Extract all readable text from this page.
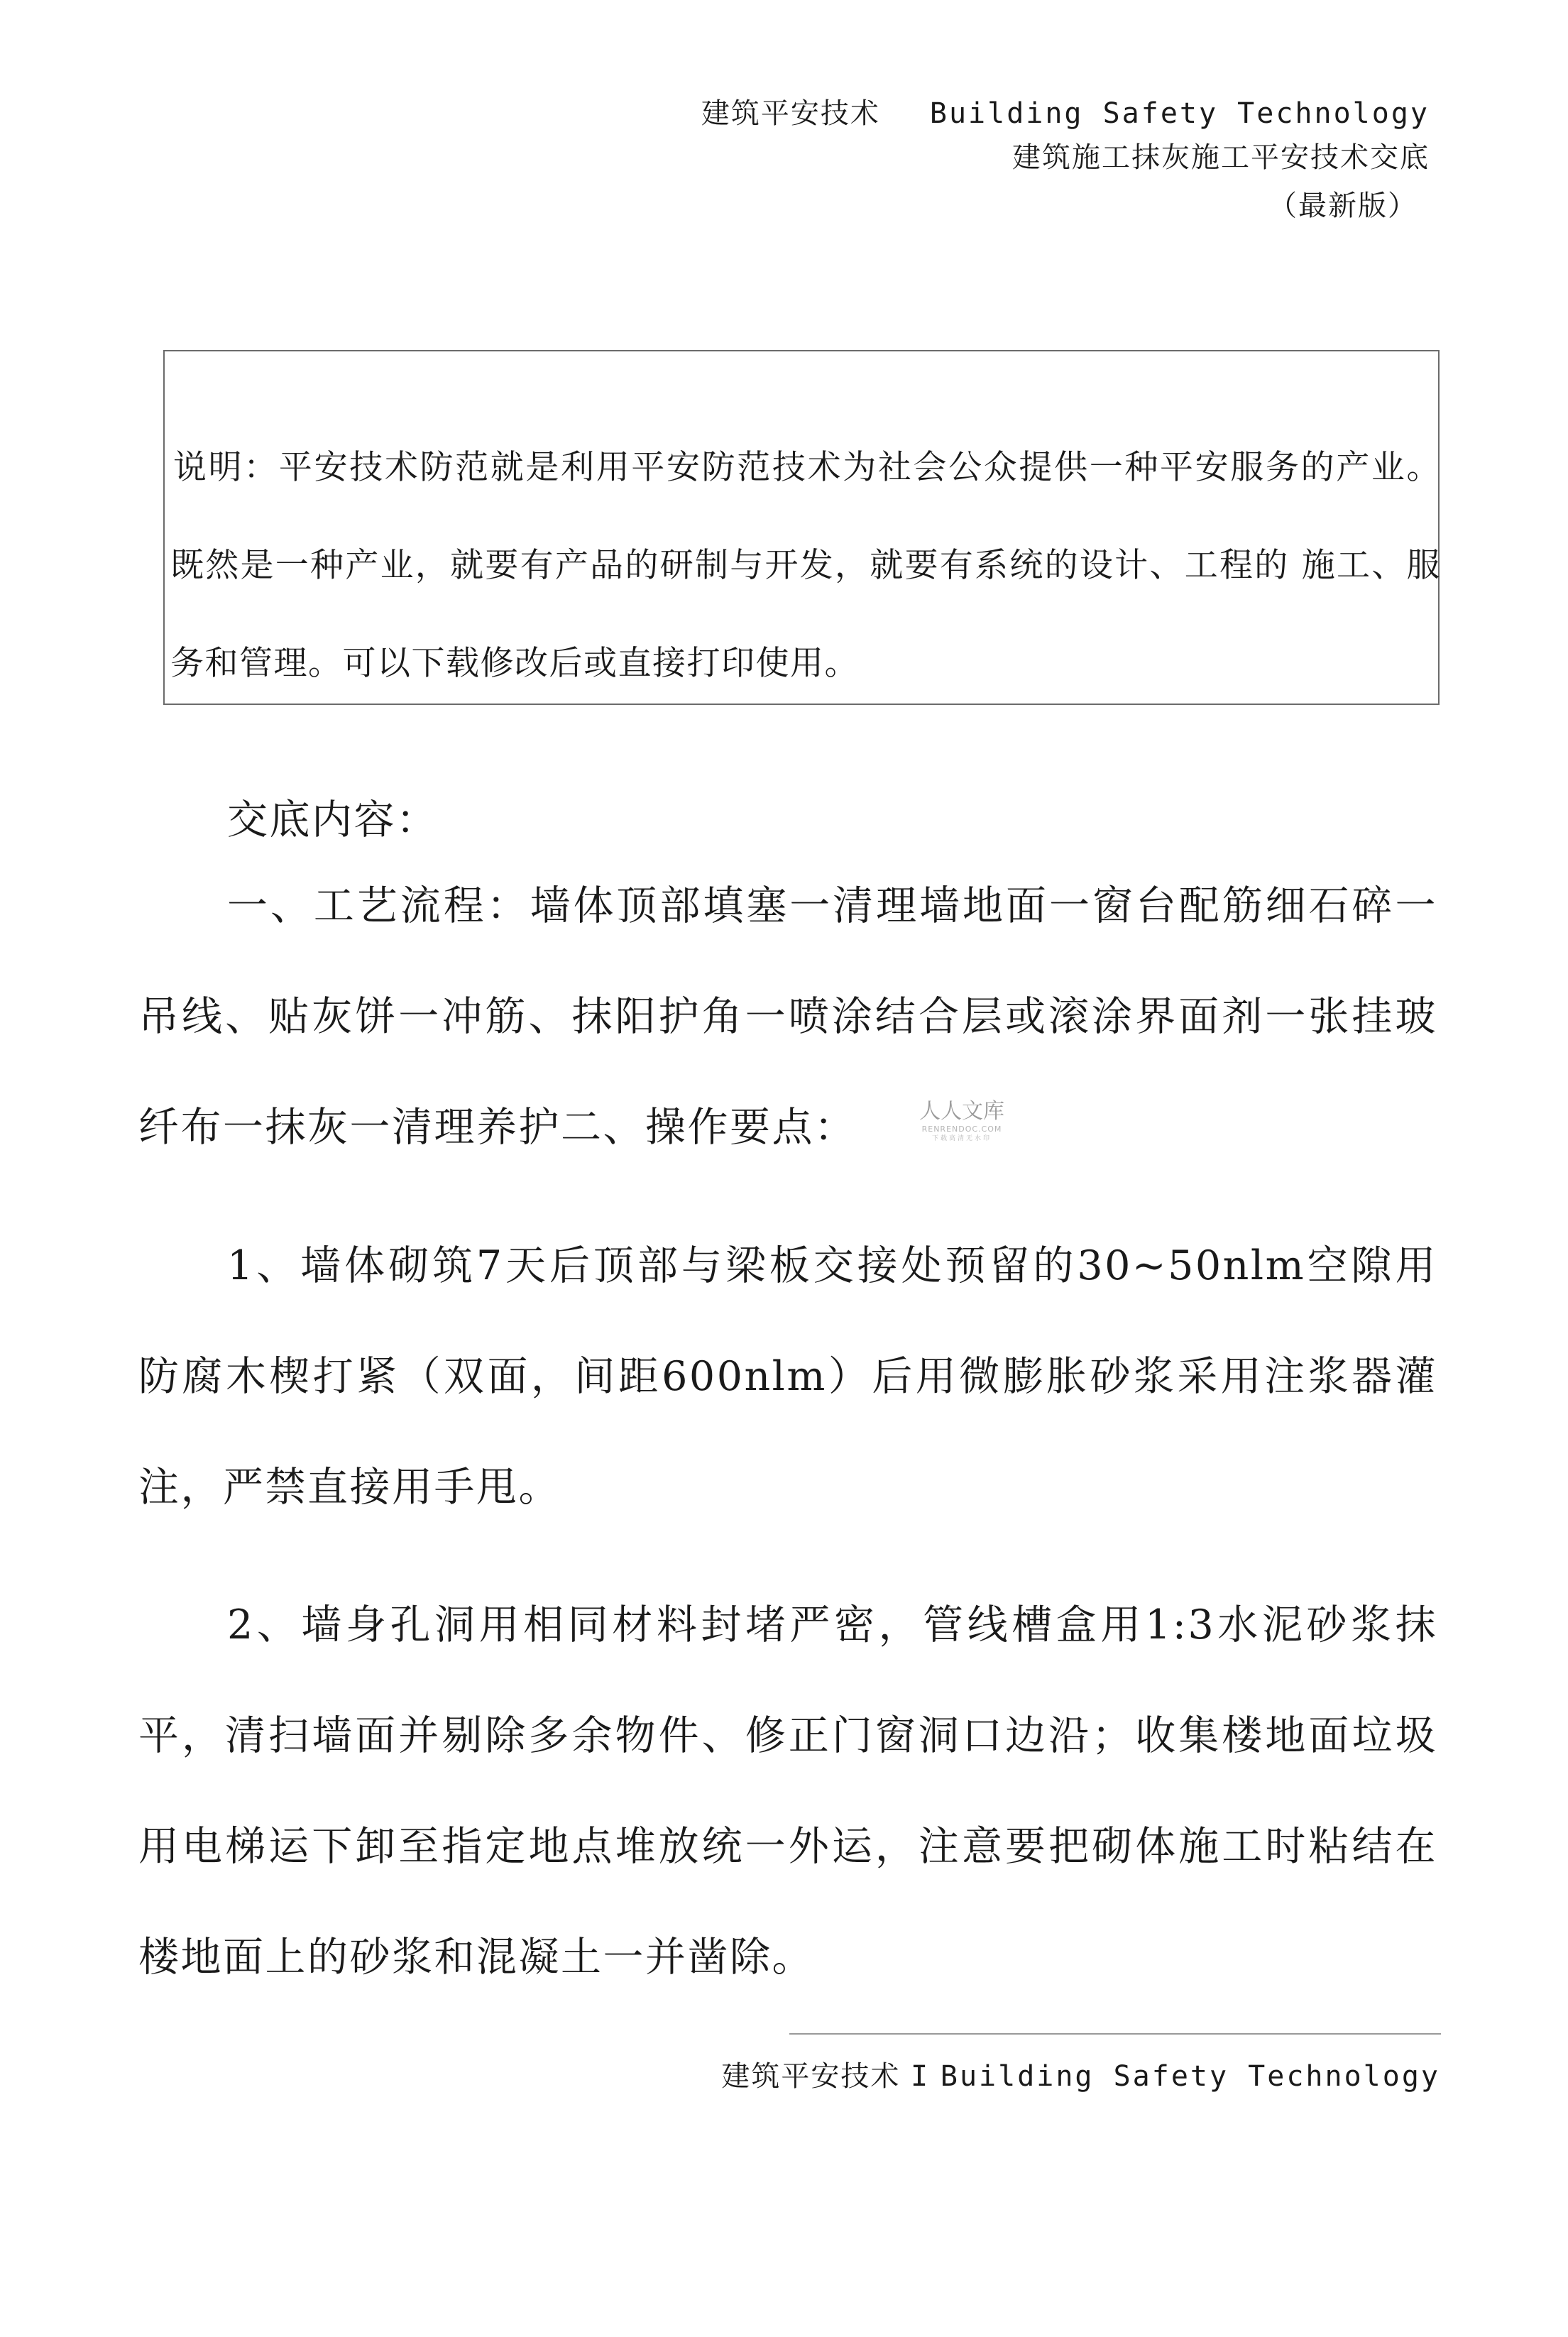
建筑平安技术 Building Safety Technology
建筑施工抹灰施工平安技术交底
（最新版）
说明：平安技术防范就是利用平安防范技术为社会公众提供一种平安服务的产业。既然是一种产业，就要有产品的研制与开发，就要有系统的设计、工程的 施工、服务和管理。可以下载修改后或直接打印使用。

交底内容：

一、工艺流程：墙体顶部填塞一清理墙地面一窗台配筋细石碎一吊线、贴灰饼一冲筋、抹阳护角一喷涂结合层或滚涂界面剂一张挂玻纤布一抹灰一清理养护二、操作要点：	人人文库
RENRENDOC.COM
下载高清无水印

1、墙体砌筑7天后顶部与梁板交接处预留的30~50nlm空隙用防腐木楔打紧（双面，间距600nlm）后用微膨胀砂浆采用注浆器灌注，严禁直接用手甩。

2、墙身孔洞用相同材料封堵严密，管线槽盒用1:3水泥砂浆抹平，清扫墙面并剔除多余物件、修正门窗洞口边沿；收集楼地面垃圾用电梯运下卸至指定地点堆放统一外运，注意要把砌体施工时粘结在楼地面上的砂浆和混凝土一并凿除。

建筑平安技术 I Building Safety Technology
